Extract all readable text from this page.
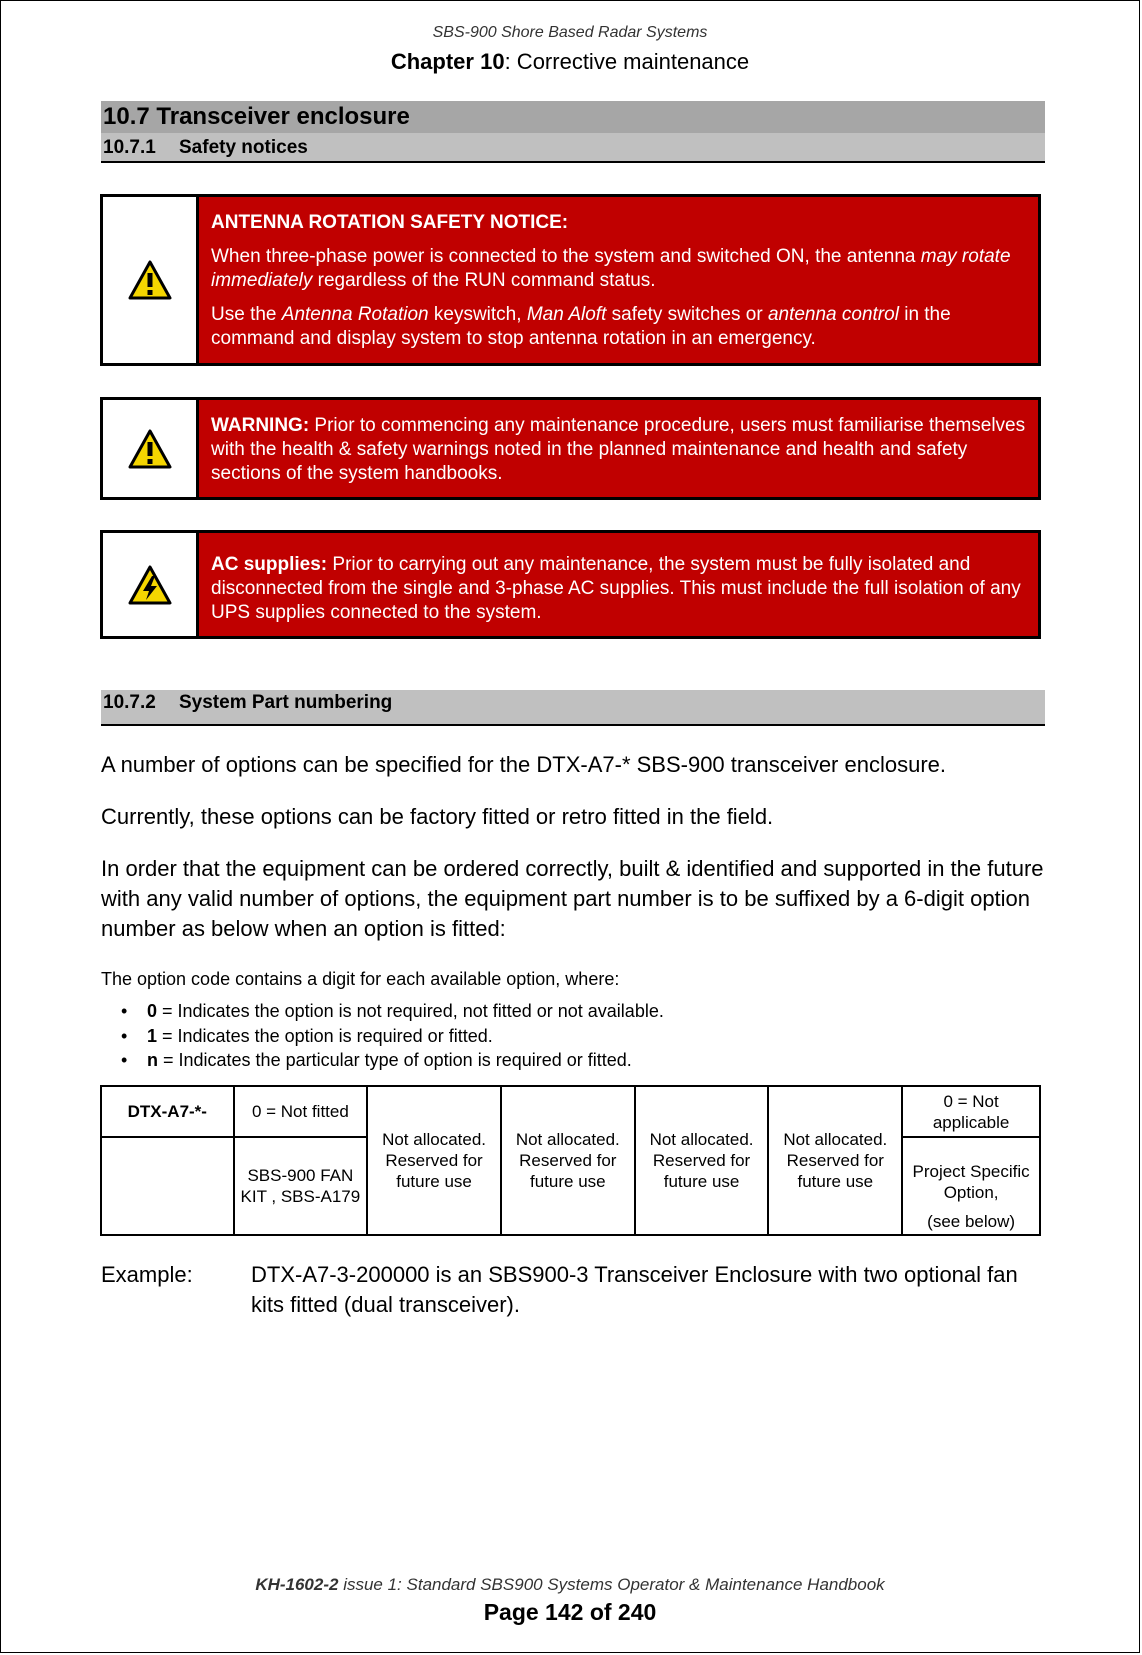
SBS-900 Shore Based Radar Systems
Chapter 10: Corrective maintenance
10.7 Transceiver enclosure
10.7.1 Safety notices

ANTENNA ROTATION SAFETY NOTICE:

When three-phase power is connected to the system and switched ON, the antenna may rotate immediately regardless of the RUN command status.

Use the Antenna Rotation keyswitch, Man Aloft safety switches or antenna control in the command and display system to stop antenna rotation in an emergency.

WARNING: Prior to commencing any maintenance procedure, users must familiarise themselves with the health & safety warnings noted in the planned maintenance and health and safety sections of the system handbooks.

AC supplies: Prior to carrying out any maintenance, the system must be fully isolated and disconnected from the single and 3-phase AC supplies. This must include the full isolation of any UPS supplies connected to the system.

10.7.2 System Part numbering
A number of options can be specified for the DTX-A7-* SBS-900 transceiver enclosure.
Currently, these options can be factory fitted or retro fitted in the field.
In order that the equipment can be ordered correctly, built & identified and supported in the future with any valid number of options, the equipment part number is to be suffixed by a 6-digit option number as below when an option is fitted:
The option code contains a digit for each available option, where:
• 0 = Indicates the option is not required, not fitted or not available.
• 1 = Indicates the option is required or fitted.
• n = Indicates the particular type of option is required or fitted.
DTX-A7-*-	0 = Not fitted	Not allocated. Reserved for future use	Not allocated. Reserved for future use	Not allocated. Reserved for future use	Not allocated. Reserved for future use	0 = Not applicable
	SBS-900 FAN KIT , SBS-A179					Project Specific Option,
(see below)
Example:	DTX-A7-3-200000 is an SBS900-3 Transceiver Enclosure with two optional fan kits fitted (dual transceiver).
KH-1602-2 issue 1: Standard SBS900 Systems Operator & Maintenance Handbook
Page 142 of 240
